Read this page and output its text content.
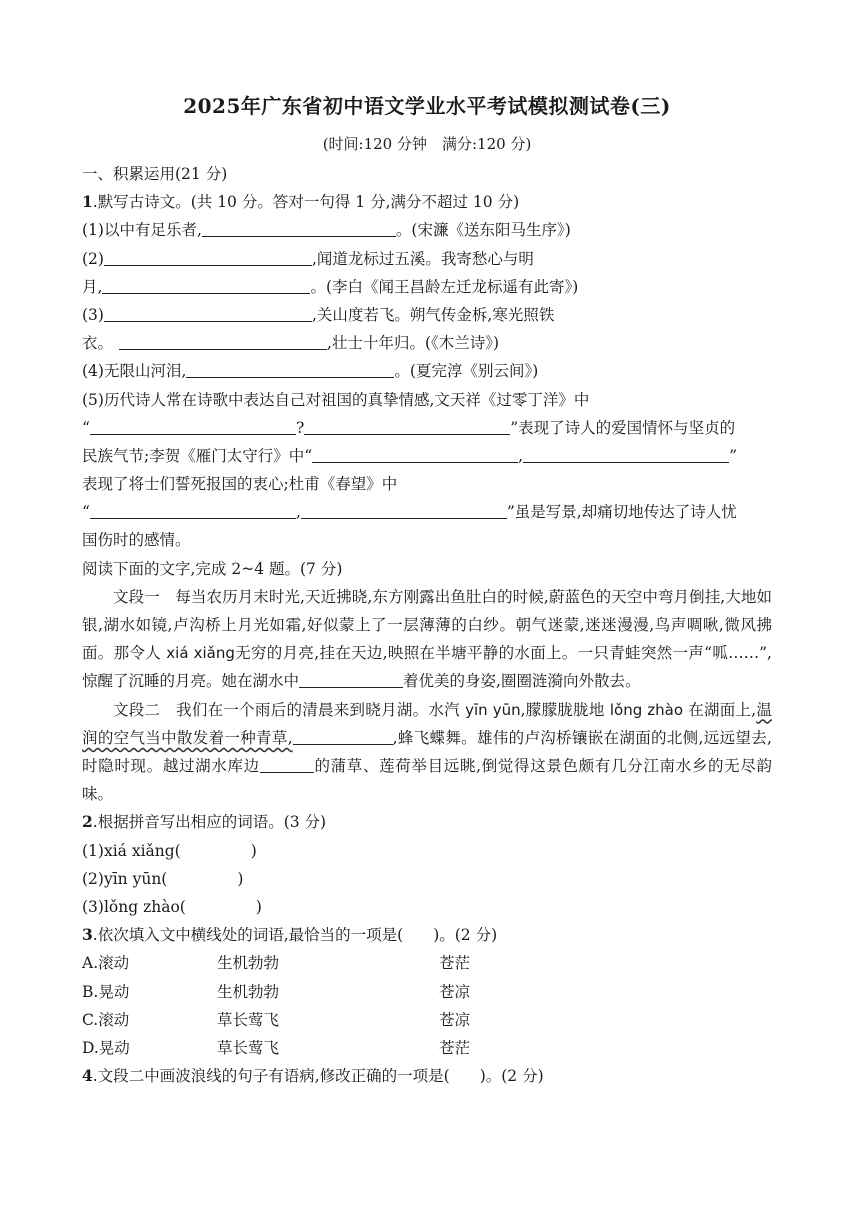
2025年广东省初中语文学业水平考试模拟测试卷(三)
(时间:120 分钟　满分:120 分)
一、积累运用(21 分)
1.默写古诗文。(共 10 分。答对一句得 1 分,满分不超过 10 分)
(1)以中有足乐者,	。(宋濂《送东阳马生序》)
(2)	,闻道龙标过五溪。我寄愁心与明
月,	。(李白《闻王昌龄左迁龙标遥有此寄》)
(3)	,关山度若飞。朔气传金柝,寒光照铁
衣。	,壮士十年归。(《木兰诗》)
(4)无限山河泪,	。(夏完淳《别云间》)
(5)历代诗人常在诗歌中表达自己对祖国的真挚情感,文天祥《过零丁洋》中
“	?	”表现了诗人的爱国情怀与坚贞的
民族气节;李贺《雁门太守行》中“	,	”
表现了将士们誓死报国的衷心;杜甫《春望》中
“	,	”虽是写景,却痛切地传达了诗人忧
国伤时的感情。
阅读下面的文字,完成 2~4 题。(7 分)
文段一　每当农历月末时光,天近拂晓,东方刚露出鱼肚白的时候,蔚蓝色的天空中弯月倒挂,大地如银,湖水如镜,卢沟桥上月光如霜,好似蒙上了一层薄薄的白纱。朝气迷蒙,迷迷漫漫,鸟声啁啾,微风拂面。那令人 xiá xiǎng无穷的月亮,挂在天边,映照在半塘平静的水面上。一只青蛙突然一声“呱……”,惊醒了沉睡的月亮。她在湖水中	着优美的身姿,圈圈涟漪向外散去。
文段二　我们在一个雨后的清晨来到晓月湖。水汽 yīn yūn,朦朦胧胧地 lǒng zhào 在湖面上,温润的空气当中散发着一种青草,	,蜂飞蝶舞。雄伟的卢沟桥镶嵌在湖面的北侧,远远望去,时隐时现。越过湖水库边	的蒲草、莲荷举目远眺,倒觉得这景色颇有几分江南水乡的无尽韵味。
2.根据拼音写出相应的词语。(3 分)
(1)xiá xiǎng(	)
(2)yīn yūn(	)
(3)lǒng zhào(	)
3.依次填入文中横线处的词语,最恰当的一项是( )。(2 分)
A.滚动	生机勃勃	苍茫
B.晃动	生机勃勃	苍凉
C.滚动	草长莺飞	苍凉
D.晃动	草长莺飞	苍茫
4.文段二中画波浪线的句子有语病,修改正确的一项是( )。(2 分)
